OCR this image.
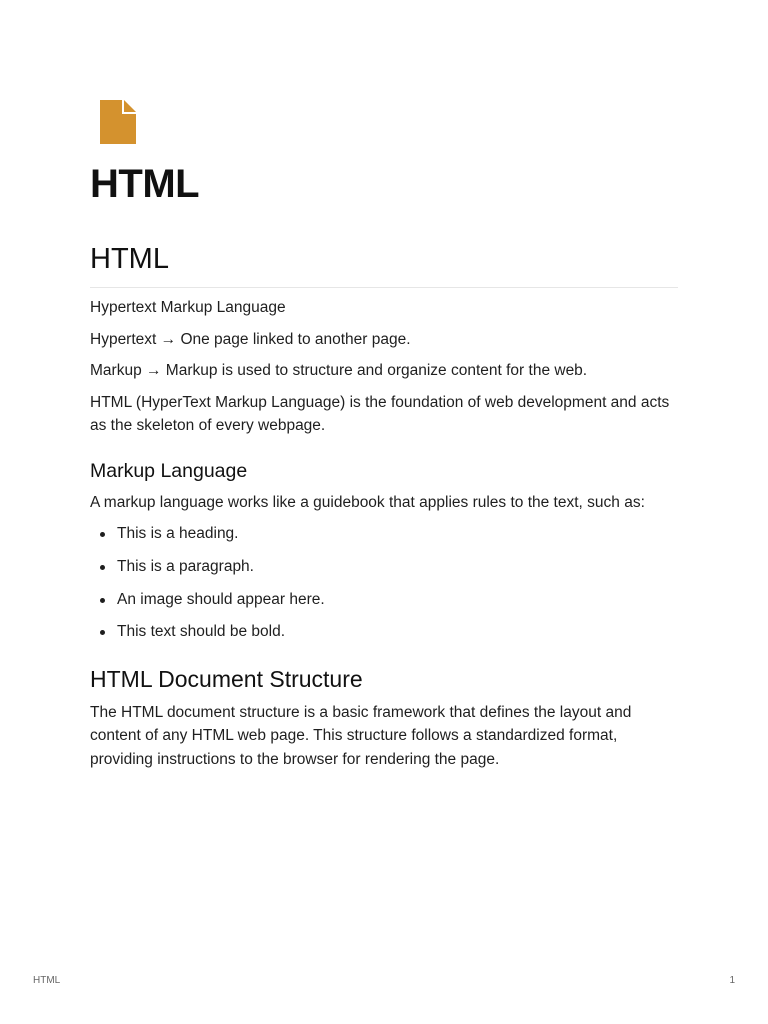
HTML
HTML

Hypertext Markup Language

Hypertext → One page linked to another page.

Markup → Markup is used to structure and organize content for the web.

HTML (HyperText Markup Language) is the foundation of web development and acts as the skeleton of every webpage.

Markup Language

A markup language works like a guidebook that applies rules to the text, such as:

This is a heading.
This is a paragraph.
An image should appear here.
This text should be bold.
HTML Document Structure

The HTML document structure is a basic framework that defines the layout and content of any HTML web page. This structure follows a standardized format, providing instructions to the browser for rendering the page.

HTML	1
